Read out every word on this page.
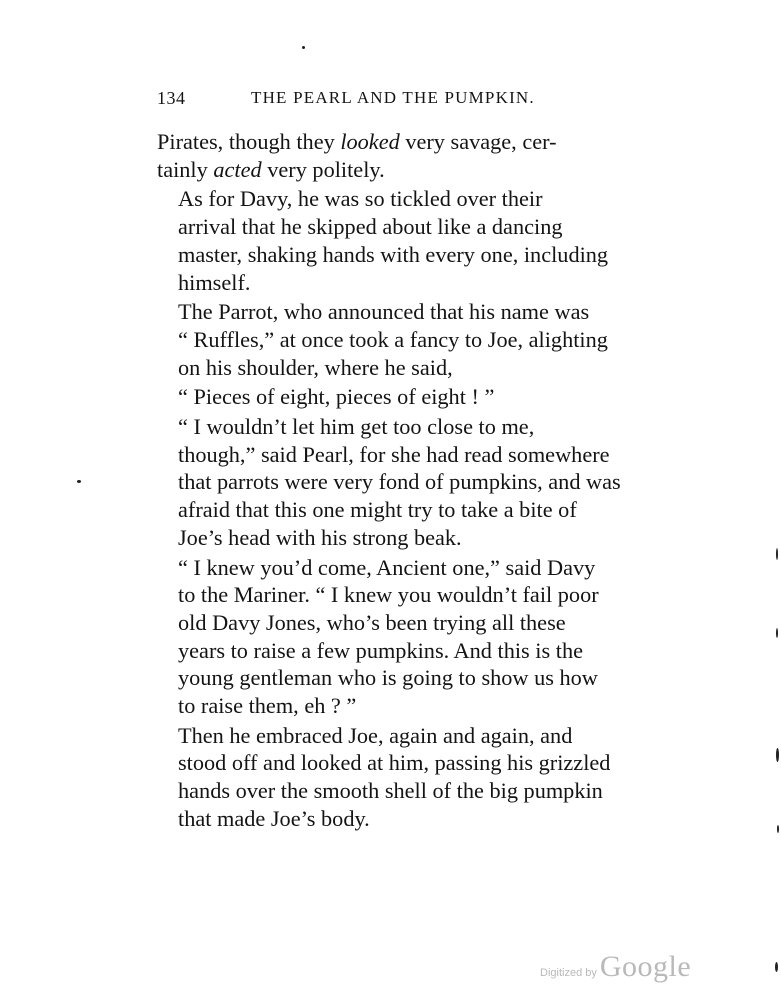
134	THE PEARL AND THE PUMPKIN.

Pirates, though they looked very savage, cer-
tainly acted very politely.

As for Davy, he was so tickled over their
arrival that he skipped about like a dancing
master, shaking hands with every one, including
himself.

The Parrot, who announced that his name was
“ Ruffles,” at once took a fancy to Joe, alighting
on his shoulder, where he said,

“ Pieces of eight, pieces of eight ! ”

“ I wouldn’t let him get too close to me,
though,” said Pearl, for she had read somewhere
that parrots were very fond of pumpkins, and was
afraid that this one might try to take a bite of
Joe’s head with his strong beak.

“ I knew you’d come, Ancient one,” said Davy
to the Mariner. “ I knew you wouldn’t fail poor
old Davy Jones, who’s been trying all these
years to raise a few pumpkins. And this is the
young gentleman who is going to show us how
to raise them, eh ? ”

Then he embraced Joe, again and again, and
stood off and looked at him, passing his grizzled
hands over the smooth shell of the big pumpkin
that made Joe’s body.

Digitized by Google
